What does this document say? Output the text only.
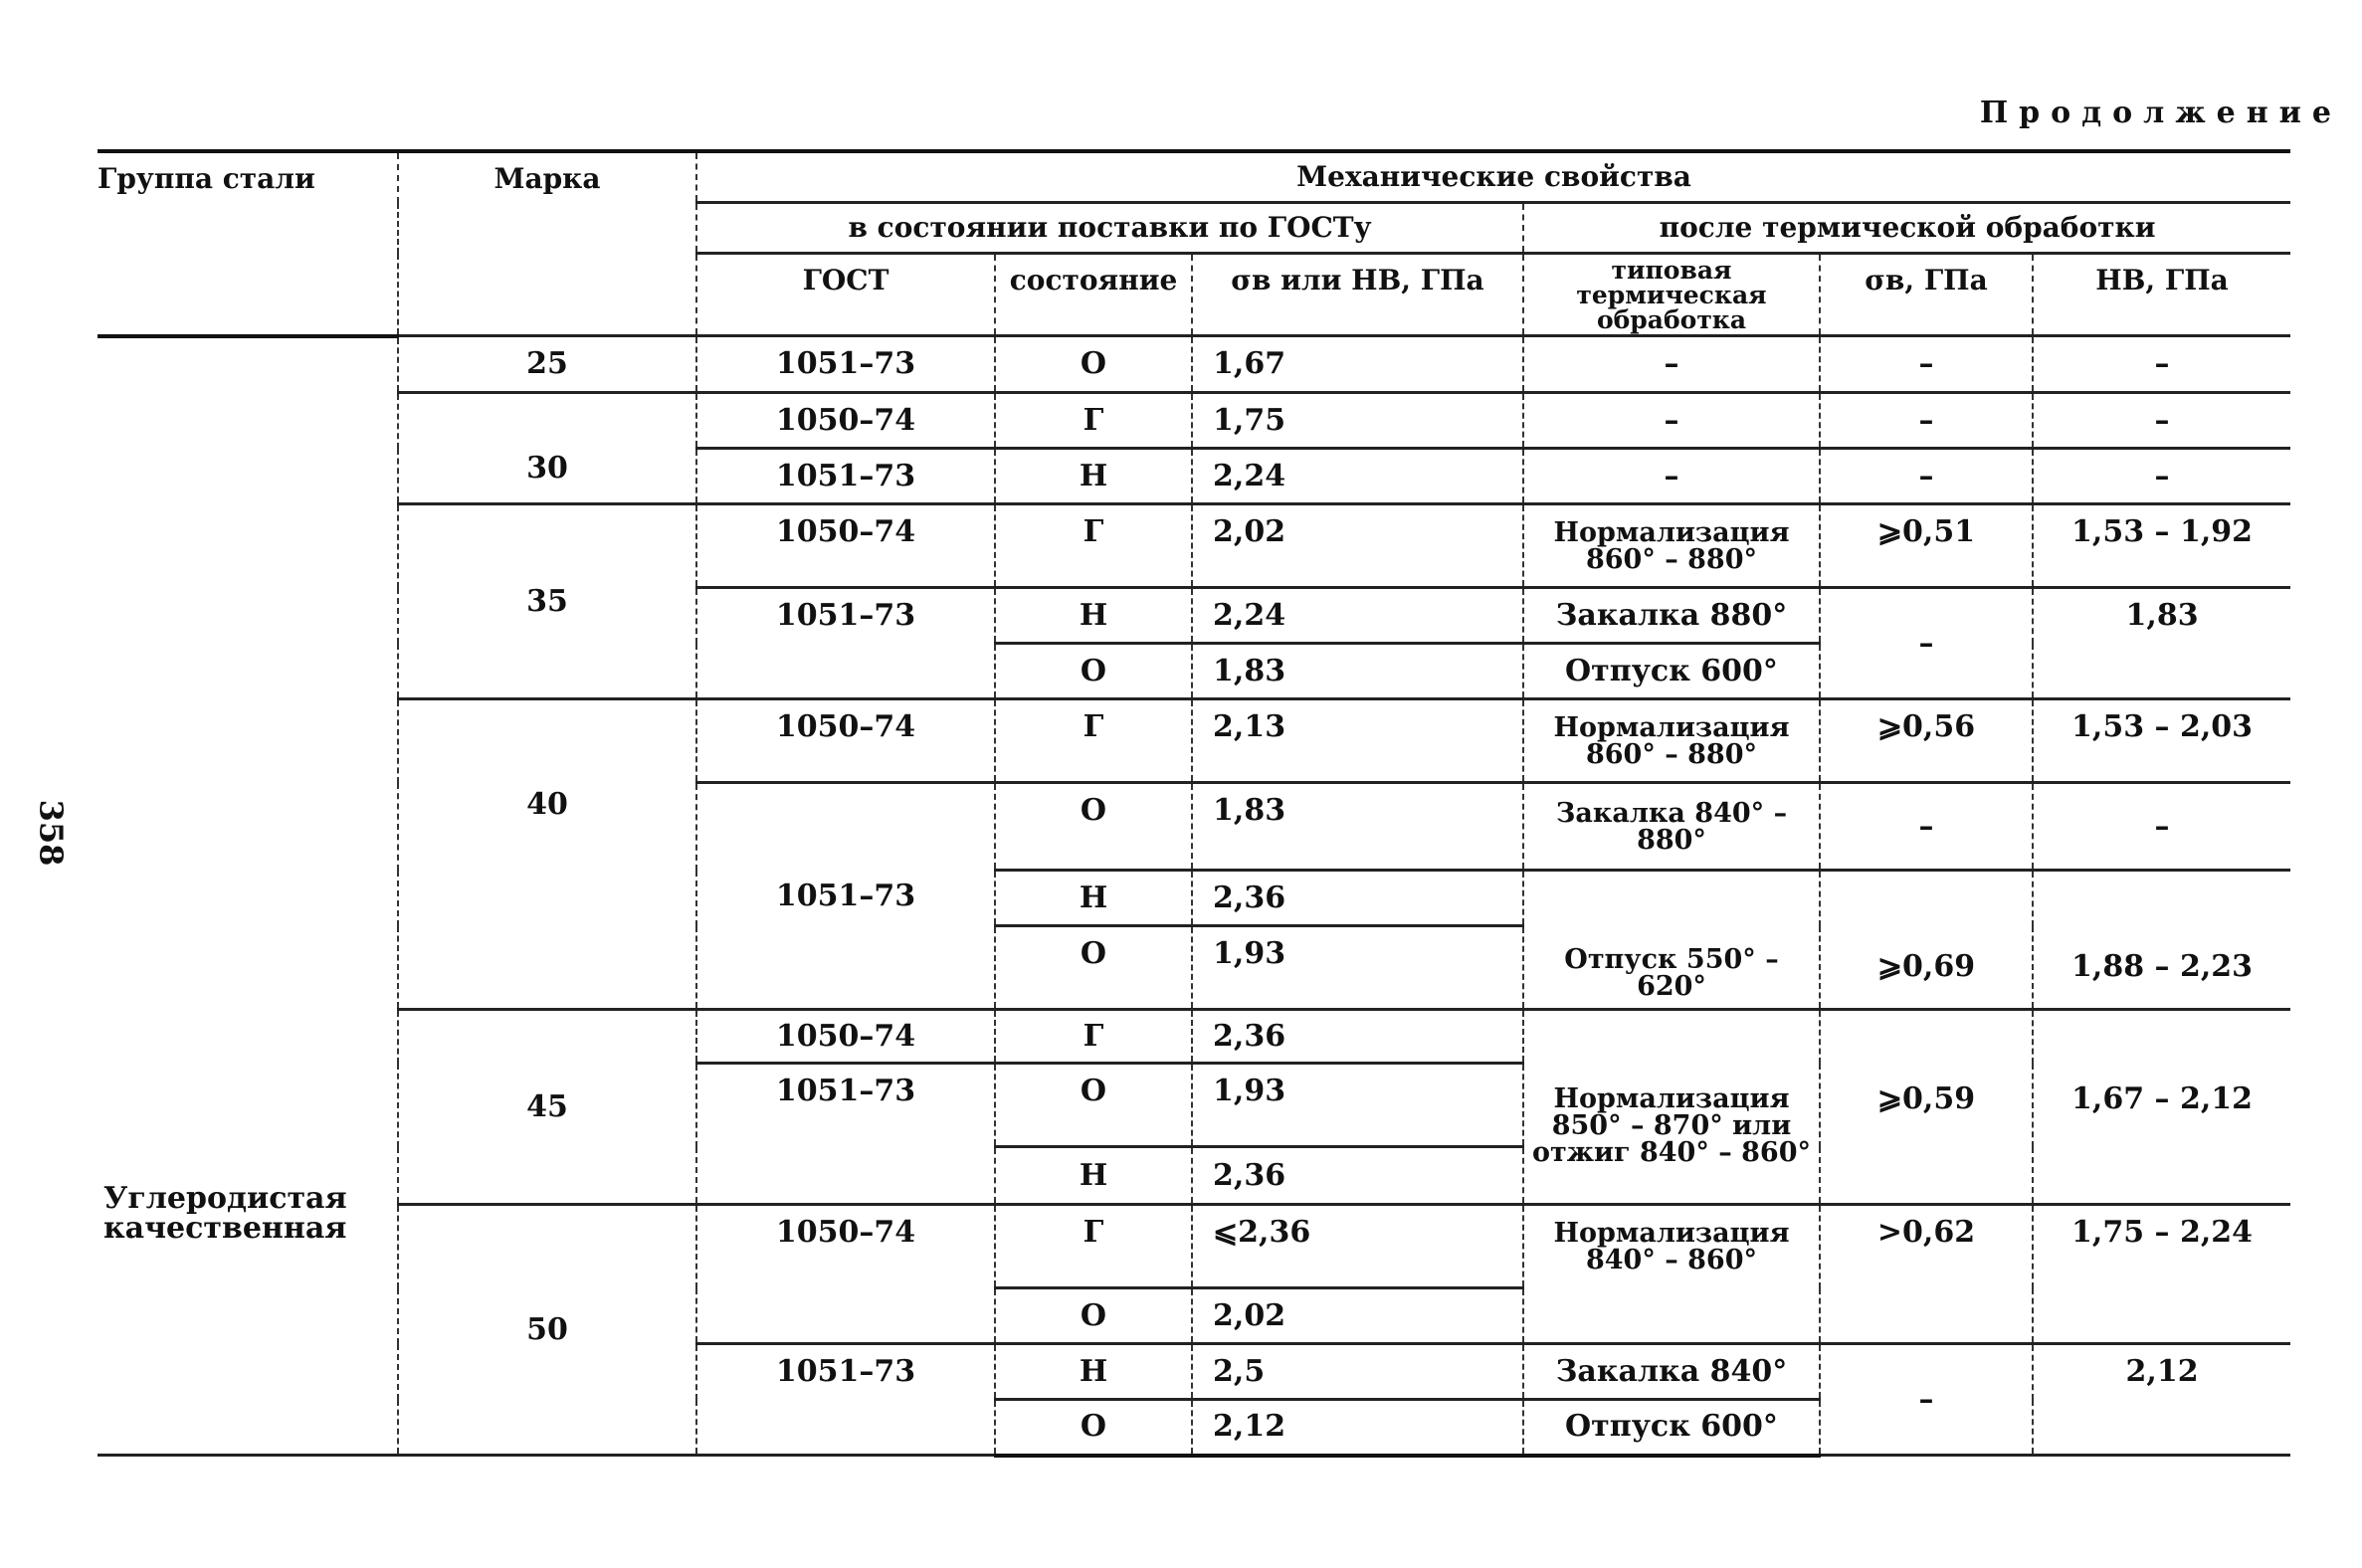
Продолжение
358
Группа стали	Марка	Механические свойства					
		в состоянии поставки по ГОСТу			после термической обработки		
		ГОСТ	состояние	σв или НВ, ГПа	типовая термическая обработка	σв, ГПа	НВ, ГПа

Углеродистая качественная	25	1051–73	О	1,67	–	–	–
	30	1050–74	Г	1,75	–	–	–
		1051–73	Н	2,24	–	–	–
	35	1050–74	Г	2,02	Нормализация 860° – 880°	⩾0,51	1,53 – 1,92
		1051–73	Н	2,24	Закалка 880°	–	1,83
			О	1,83	Отпуск 600°		
	40	1050–74	Г	2,13	Нормализация 860° – 880°	⩾0,56	1,53 – 2,03
		1051–73	О	1,83	Закалка 840° – 880°	–	–
			Н	2,36	Отпуск 550° – 620°	⩾0,69	1,88 – 2,23
			О	1,93			
	45	1050–74	Г	2,36	Нормализация 850° – 870° или отжиг 840° – 860°	⩾0,59	1,67 – 2,12
		1051–73	О	1,93			
			Н	2,36			
	50	1050–74	Г	⩽2,36	Нормализация 840° – 860°	>0,62	1,75 – 2,24
			О	2,02			
		1051–73	Н	2,5	Закалка 840°	–	2,12
			О	2,12	Отпуск 600°		
